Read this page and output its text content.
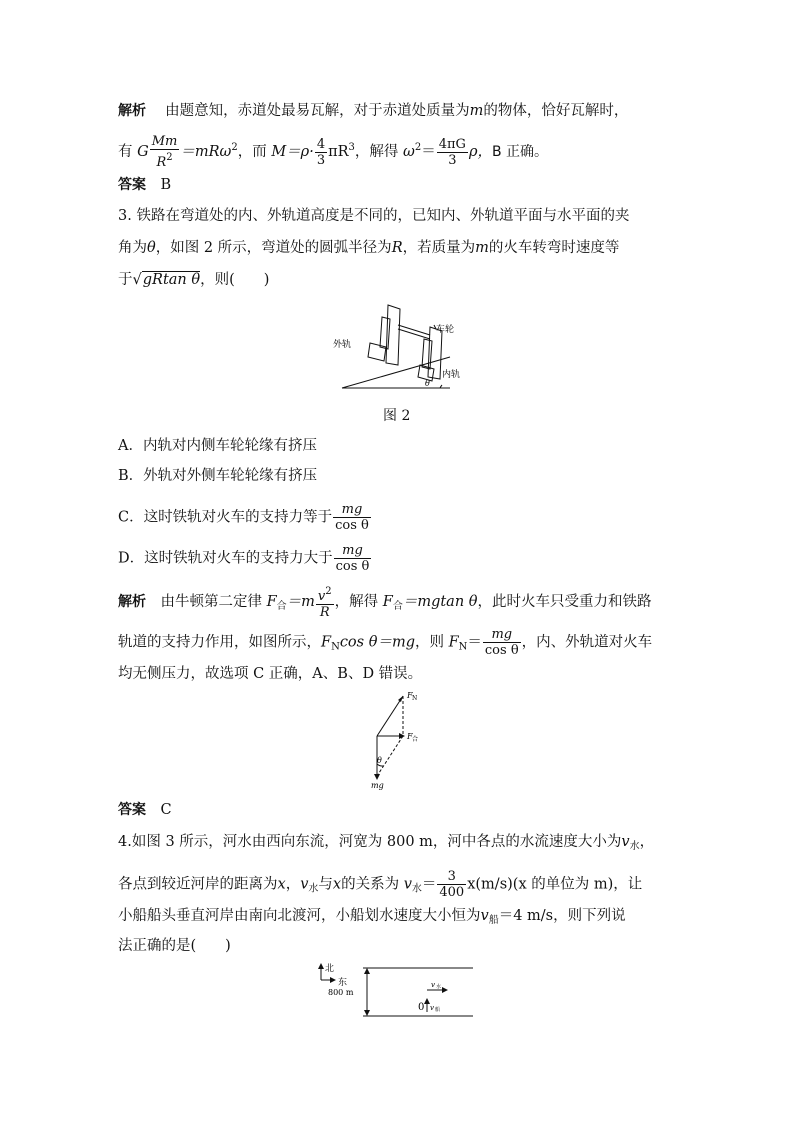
解析　 由题意知，赤道处最易瓦解，对于赤道处质量为m的物体，恰好瓦解时，
有 G $\frac{Mm}{R^2} =mR\omega^2$，而 $M=\rho\cdot \frac{4}{3} \pi R^3$，解得 $\omega^2= \frac{4\pi G}{3}$ ρ，B 正确。
答案　 B
3. 铁路在弯道处的内、外轨道高度是不同的，已知内、外轨道平面与水平面的夹
角为θ，如图 2 所示，弯道处的圆弧半径为R，若质量为m的火车转弯时速度等
于√gRtan θ，则(　　)
车轮
外轨
内轨
θ
图 2
A．内轨对内侧车轮轮缘有挤压
B．外轨对外侧车轮轮缘有挤压
C．这时铁轨对火车的支持力等于 $\frac{mg}{\text{cos θ}}$
D．这时铁轨对火车的支持力大于 $\frac{mg}{\text{cos θ}}$
解析　 由牛顿第二定律 $F_合=m \frac{v^2}{R}$ ，解得 $F_合=mgtan$ θ，此时火车只受重力和铁路
轨道的支持力作用，如图所示，$F_N\cos$ θ＝mg，则 $F_N= \frac{mg}{\text{cos θ}}$ ，内、外轨道对火车
均无侧压力，故选项 C 正确，A、B、D 错误。
F N
F 合
θ
mg
答案　 C
4.如图 3 所示，河水由西向东流，河宽为 800 m，河中各点的水流速度大小为$v_水$，
各点到较近河岸的距离为x，$v_水$与x的关系为 $v_水= \frac{3}{400} x(m/s)(x$ 的单位为 m)，让
小船船头垂直河岸由南向北渡河，小船划水速度大小恒为$v_船=4$ m/s，则下列说
法正确的是(　　)
北
东
800 m
v 水
0 v 船
